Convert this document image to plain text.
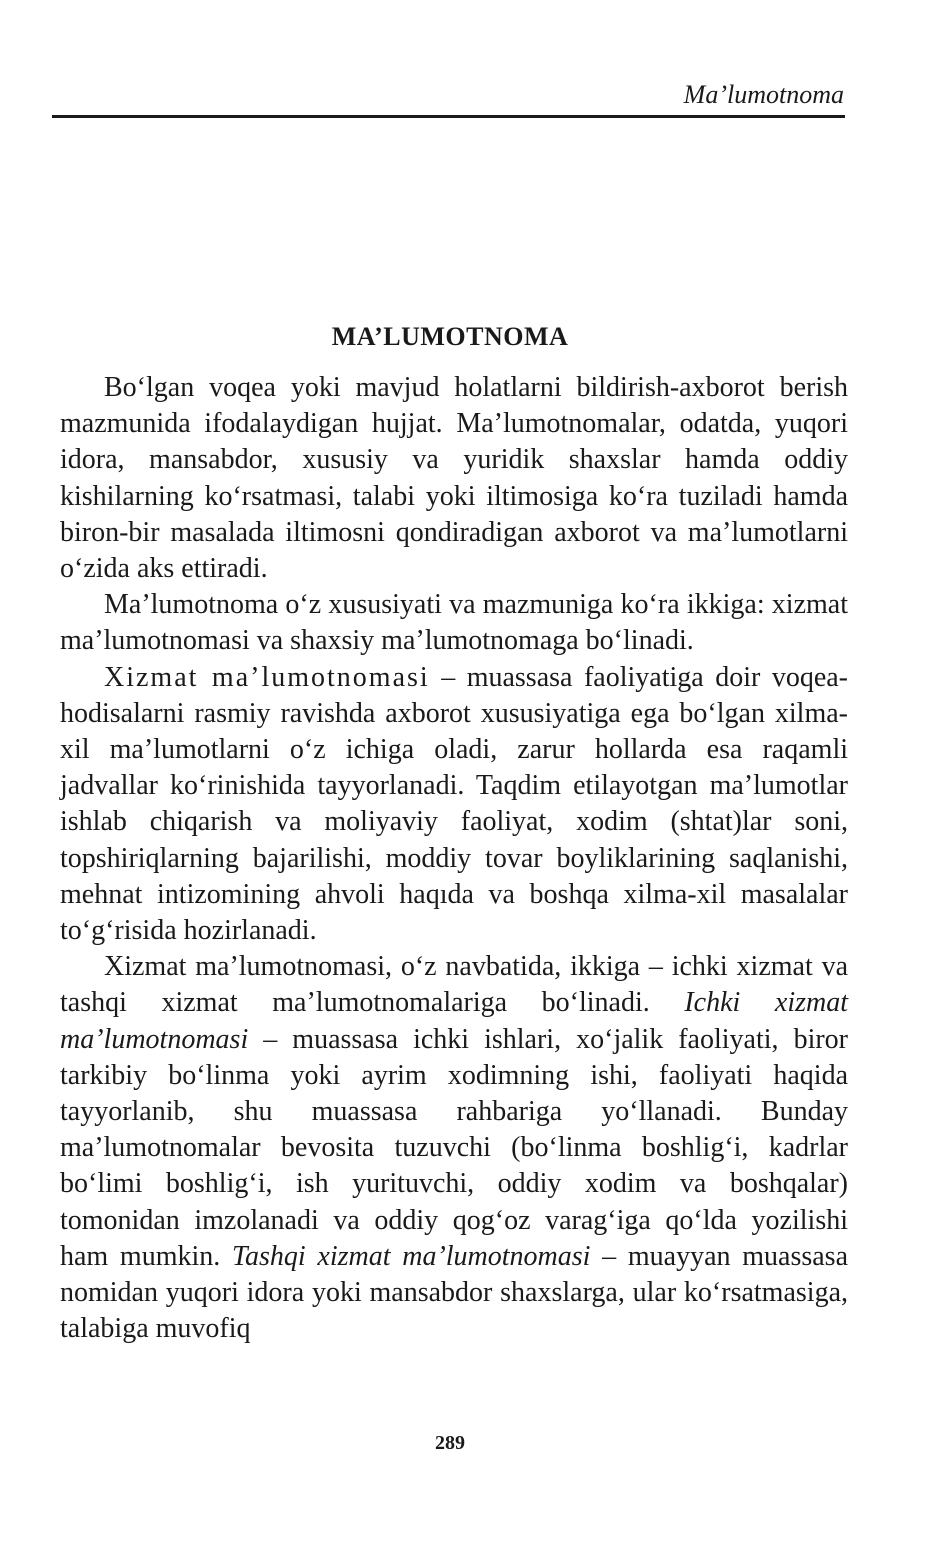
Ma’lumotnoma
MA’LUMOTNOMA

Bo‘lgan voqea yoki mavjud holatlarni bildirish-axborot berish mazmunida ifodalaydigan hujjat. Ma’lumotnomalar, odatda, yuqori idora, mansabdor, xususiy va yuridik shaxslar hamda oddiy kishilarning ko‘rsatmasi, talabi yoki iltimosiga ko‘ra tuziladi hamda biron-bir masalada iltimosni qondiradigan axborot va ma’lumotlarni o‘zida aks ettiradi.

Ma’lumotnoma o‘z xususiyati va mazmuniga ko‘ra ikkiga: xizmat ma’lumotnomasi va shaxsiy ma’lumotnomaga bo‘linadi.

Xizmat ma’lumotnomasi – muassasa faoliyatiga doir voqea-hodisalarni rasmiy ravishda axborot xususiyatiga ega bo‘lgan xilma-xil ma’lumotlarni o‘z ichiga oladi, zarur hollarda esa raqamli jadvallar ko‘rinishida tayyorlanadi. Taqdim etilayotgan ma’lumotlar ishlab chiqarish va moliyaviy faoliyat, xodim (shtat)lar soni, topshiriqlarning bajarilishi, moddiy tovar boyliklarining saqlanishi, mehnat intizomining ahvoli haqıda va boshqa xilma-xil masalalar to‘g‘risida hozirlanadi.

Xizmat ma’lumotnomasi, o‘z navbatida, ikkiga – ichki xizmat va tashqi xizmat ma’lumotnomalariga bo‘linadi. Ichki xizmat ma’lumotnomasi – muassasa ichki ishlari, xo‘jalik faoliyati, biror tarkibiy bo‘linma yoki ayrim xodimning ishi, faoliyati haqida tayyorlanib, shu muassasa rahbariga yo‘llanadi. Bunday ma’lumotnomalar bevosita tuzuvchi (bo‘linma boshlig‘i, kadrlar bo‘limi boshlig‘i, ish yurituvchi, oddiy xodim va boshqalar) tomonidan imzolanadi va oddiy qog‘oz varag‘iga qo‘lda yozilishi ham mumkin. Tashqi xizmat ma’lumotnomasi – muayyan muassasa nomidan yuqori idora yoki mansabdor shaxslarga, ular ko‘rsatmasiga, talabiga muvofiq

289
